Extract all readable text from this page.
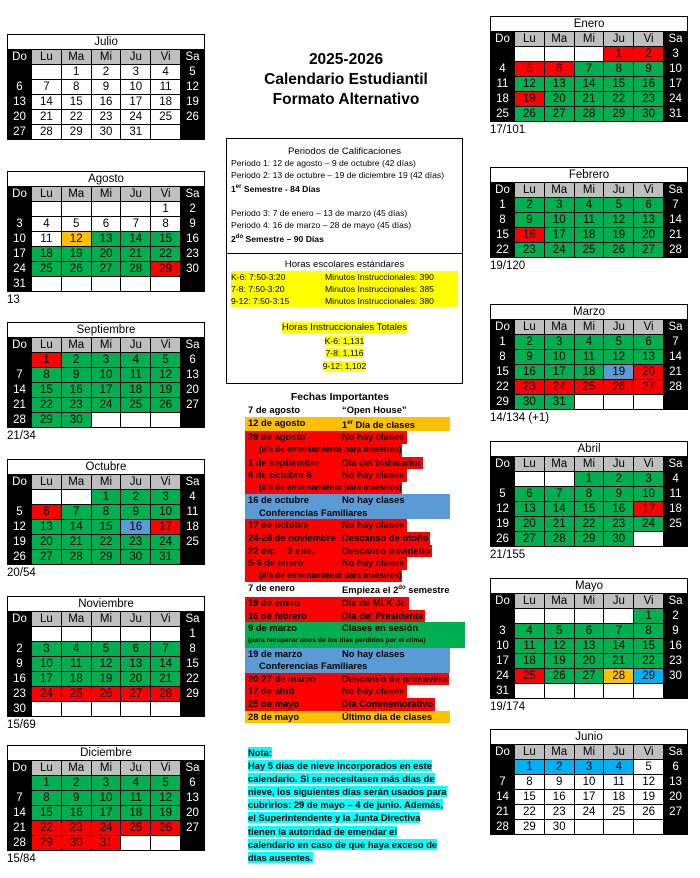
Julio						
Do	Lu	Ma	Mi	Ju	Vi	Sa
		1	2	3	4	5
6	7	8	9	10	11	12
13	14	15	16	17	18	19
20	21	22	23	24	25	26
27	28	29	30	31		
Agosto						
Do	Lu	Ma	Mi	Ju	Vi	Sa
					1	2
3	4	5	6	7	8	9
10	11	12	13	14	15	16
17	18	19	20	21	22	23
24	25	26	27	28	29	30
31						
13
Septiembre						
Do	Lu	Ma	Mi	Ju	Vi	Sa
	1	2	3	4	5	6
7	8	9	10	11	12	13
14	15	16	17	18	19	20
21	22	23	24	25	26	27
28	29	30				
21/34
Octubre						
Do	Lu	Ma	Mi	Ju	Vi	Sa
			1	2	3	4
5	6	7	8	9	10	11
12	13	14	15	16	17	18
19	20	21	22	23	24	25
26	27	28	29	30	31	
20/54
Noviembre						
Do	Lu	Ma	Mi	Ju	Vi	Sa
						1
2	3	4	5	6	7	8
9	10	11	12	13	14	15
16	17	18	19	20	21	22
23	24	25	26	27	28	29
30						
15/69
Diciembre						
Do	Lu	Ma	Mi	Ju	Vi	Sa
	1	2	3	4	5	6
7	8	9	10	11	12	13
14	15	16	17	18	19	20
21	22	23	24	25	26	27
28	29	30	31			
15/84
Enero						
Do	Lu	Ma	Mi	Ju	Vi	Sa
				1	2	3
4	5	6	7	8	9	10
11	12	13	14	15	16	17
18	19	20	21	22	23	24
25	26	27	28	29	30	31
17/101
Febrero						
Do	Lu	Ma	Mi	Ju	Vi	Sa
1	2	3	4	5	6	7
8	9	10	11	12	13	14
15	16	17	18	19	20	21
22	23	24	25	26	27	28
19/120
Marzo						
Do	Lu	Ma	Mi	Ju	Vi	Sa
1	2	3	4	5	6	7
8	9	10	11	12	13	14
15	16	17	18	19	20	21
22	23	24	25	26	27	28
29	30	31				
14/134 (+1)
Abril						
Do	Lu	Ma	Mi	Ju	Vi	Sa
			1	2	3	4
5	6	7	8	9	10	11
12	13	14	15	16	17	18
19	20	21	22	23	24	25
26	27	28	29	30		
21/155
Mayo						
Do	Lu	Ma	Mi	Ju	Vi	Sa
					1	2
3	4	5	6	7	8	9
10	11	12	13	14	15	16
17	18	19	20	21	22	23
24	25	26	27	28	29	30
31						
19/174
Junio						
Do	Lu	Ma	Mi	Ju	Vi	Sa
	1	2	3	4	5	6
7	8	9	10	11	12	13
14	15	16	17	18	19	20
21	22	23	24	25	26	27
28	29	30				
2025-2026
Calendario Estudiantil
Formato Alternativo
Periodos de Calificaciones
Periodo 1: 12 de agosto – 9 de octubre (42 días)
Periodo 2: 13 de octubre – 19 de diciembre 19 (42 días)
1er Semestre - 84 Días
Periodo 3: 7 de enero – 13 de marzo (45 días)
Periodo 4: 16 de marzo – 28 de mayo (45 días)
$2^{do}$ Semestre – 90 Días
Horas escolares estándares
K-6: 7:50-3:20	Minutos Instruccionales: 390
7-8: 7:50-3:20	Minutos Instruccionales: 385
9-12: 7:50-3:15	Minutos Instruccionales: 380
Horas Instruccionales Totales
K-6: 1,131
7-8: 1,116
9-12: 1,102
Fechas Importantes
7 de agosto	“Open House”
12 de agosto	1er Día de clases
29 de agosto	No hay clases
(día de entrenamiento para maestros)
1 de septiembre	Día del trabajador
6 de octubre 6	No hay clases
(día de entrenamiento para maestros)
16 de octubre	No hay clases
Conferencias Familiares
17 de octubre	No hay clases
24-28 de noviembre Descanso de otoño
22 dic. – 2 ene.	Descanso navideño
5-6 de enero	No hay clases
(día de entrenamiento para maestros)
7 de enero	Empieza el $2^{do}$ semestre
19 de enero	Día de MLK Jr.
16 de febrero	Día del Presidente
9 de marzo	Clases en sesión
(para recuperar unos de los días perdidos por el clima)
19 de marzo	No hay clases
Conferencias Familiares
20-27 de marzo	Descanso de primavera
17 de abril	No hay clases
25 de mayo	Día Commemorativo
28 de mayo	Último día de clases
Nota:
Hay 5 días de nieve incorporados en este
calendario. Si se necesitasen más días de
nieve, los siguientes días serán usados para
cubrirlos: 29 de mayo – 4 de junio. Además,
el Superintendente y la Junta Directiva
tienen la autoridad de emendar el
calendario en caso de que haya exceso de
días ausentes.
